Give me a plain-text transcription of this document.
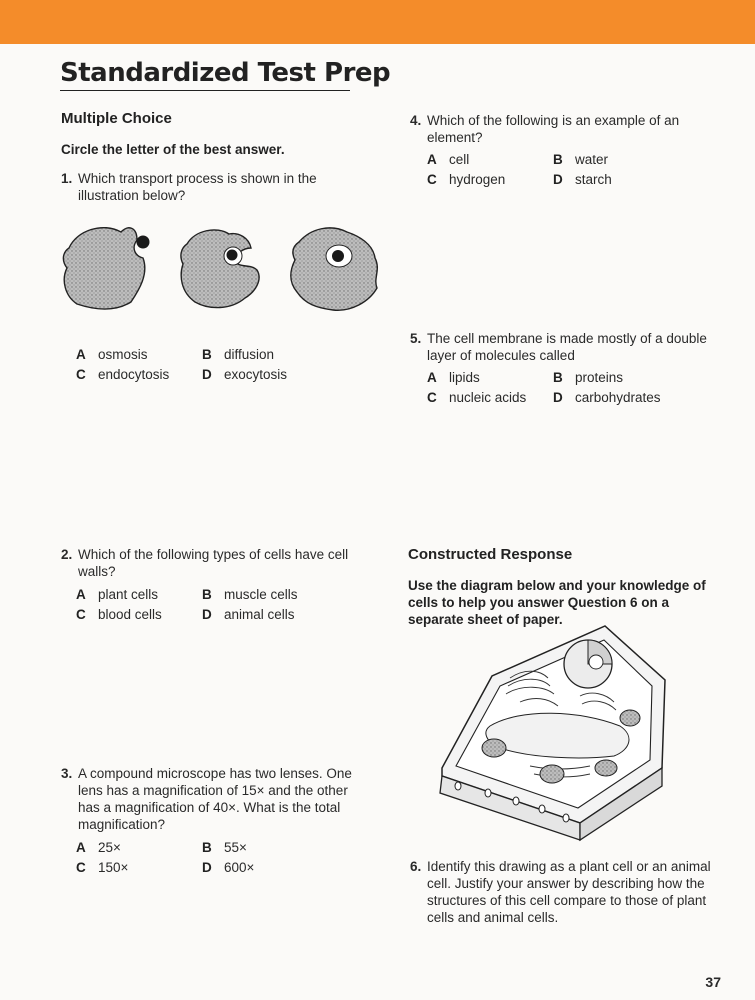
Standardized Test Prep
Multiple Choice
Circle the letter of the best answer.
1. Which transport process is shown in the illustration below?
A osmosis	B diffusion
C endocytosis D exocytosis
2. Which of the following types of cells have cell walls?
A plant cells	B muscle cells
C blood cells	D animal cells
3. A compound microscope has two lenses. One lens has a magnification of 15× and the other has a magnification of 40×. What is the total magnification?
A 25×	B 55×
C 150×	D 600×
4. Which of the following is an example of an element?
A cell	B water
C hydrogen	D starch
5. The cell membrane is made mostly of a double layer of molecules called
A lipids	B proteins
C nucleic acids D carbohydrates
Constructed Response
Use the diagram below and your knowledge of cells to help you answer Question 6 on a separate sheet of paper.
6. Identify this drawing as a plant cell or an animal cell. Justify your answer by describing how the structures of this cell compare to those of plant cells and animal cells.
37
